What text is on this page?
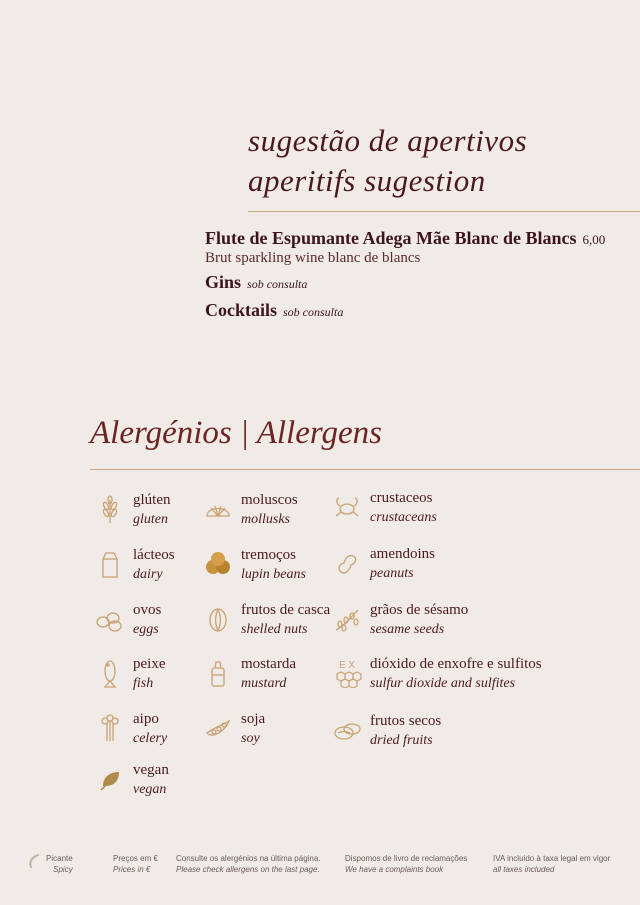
sugestão de apertivos
aperitifs sugestion
Flute de Espumante Adega Mãe Blanc de Blancs 6,00
Brut sparkling wine blanc de blancs
Gins sob consulta
Cocktails sob consulta
Alergénios | Allergens
glúten
gluten
lácteos
dairy
ovos
eggs
peixe
fish
aipo
celery
vegan
vegan
moluscos
mollusks
tremoços
lupin beans
frutos de casca
shelled nuts
mostarda
mustard
soja
soy
crustaceos
crustaceans
amendoins
peanuts
grãos de sésamo
sesame seeds
E X dióxido de enxofre e sulfitos
sulfur dioxide and sulfites
frutos secos
dried fruits
Picante
Spicy
Preços em €
Prices in €
Consulte os alergénios na última página.
Please check allergens on the last page.
Dispomos de livro de reclamações
We have a complaints book
IVA incluido à taxa legal em vigor
all taxes included
